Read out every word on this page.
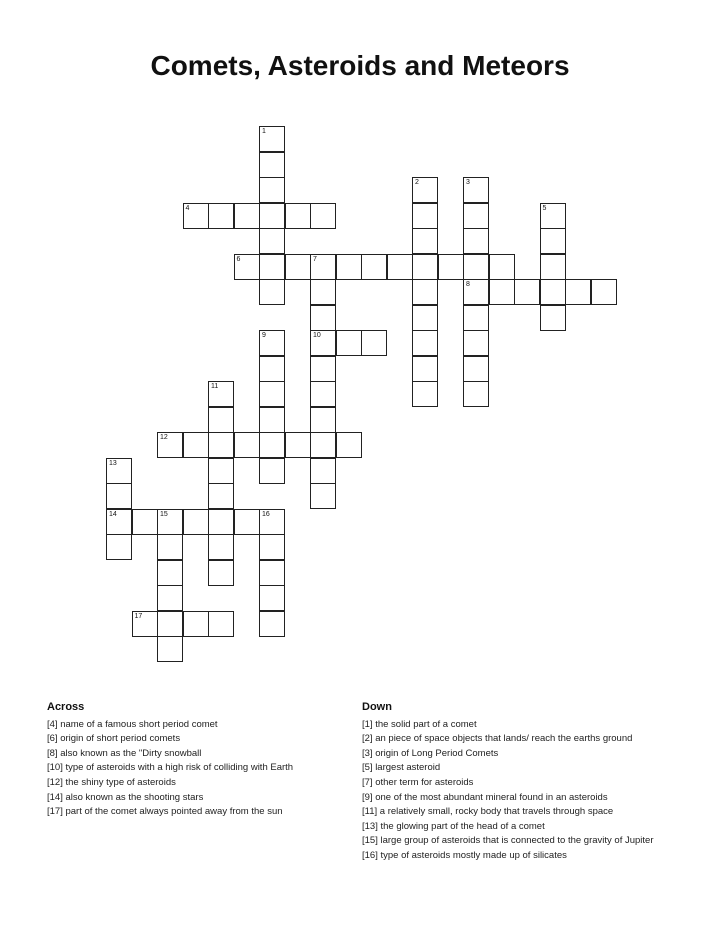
Comets, Asteroids and Meteors
1
2	3
8
4	5
6	7
10
9
11
12
13
14	15	16
17
Across
[4] name of a famous short period comet
[6] origin of short period comets
[8] also known as the "Dirty snowball
[10] type of asteroids with a high risk of colliding with Earth
[12] the shiny type of asteroids
[14] also known as the shooting stars
[17] part of the comet always pointed away from the sun
Down
[1] the solid part of a comet
[2] an piece of space objects that lands/ reach the earths ground
[3] origin of Long Period Comets
[5] largest asteroid
[7] other term for asteroids
[9] one of the most abundant mineral found in an asteroids
[11] a relatively small, rocky body that travels through space
[13] the glowing part of the head of a comet
[15] large group of asteroids that is connected to the gravity of Jupiter
[16] type of asteroids mostly made up of silicates
